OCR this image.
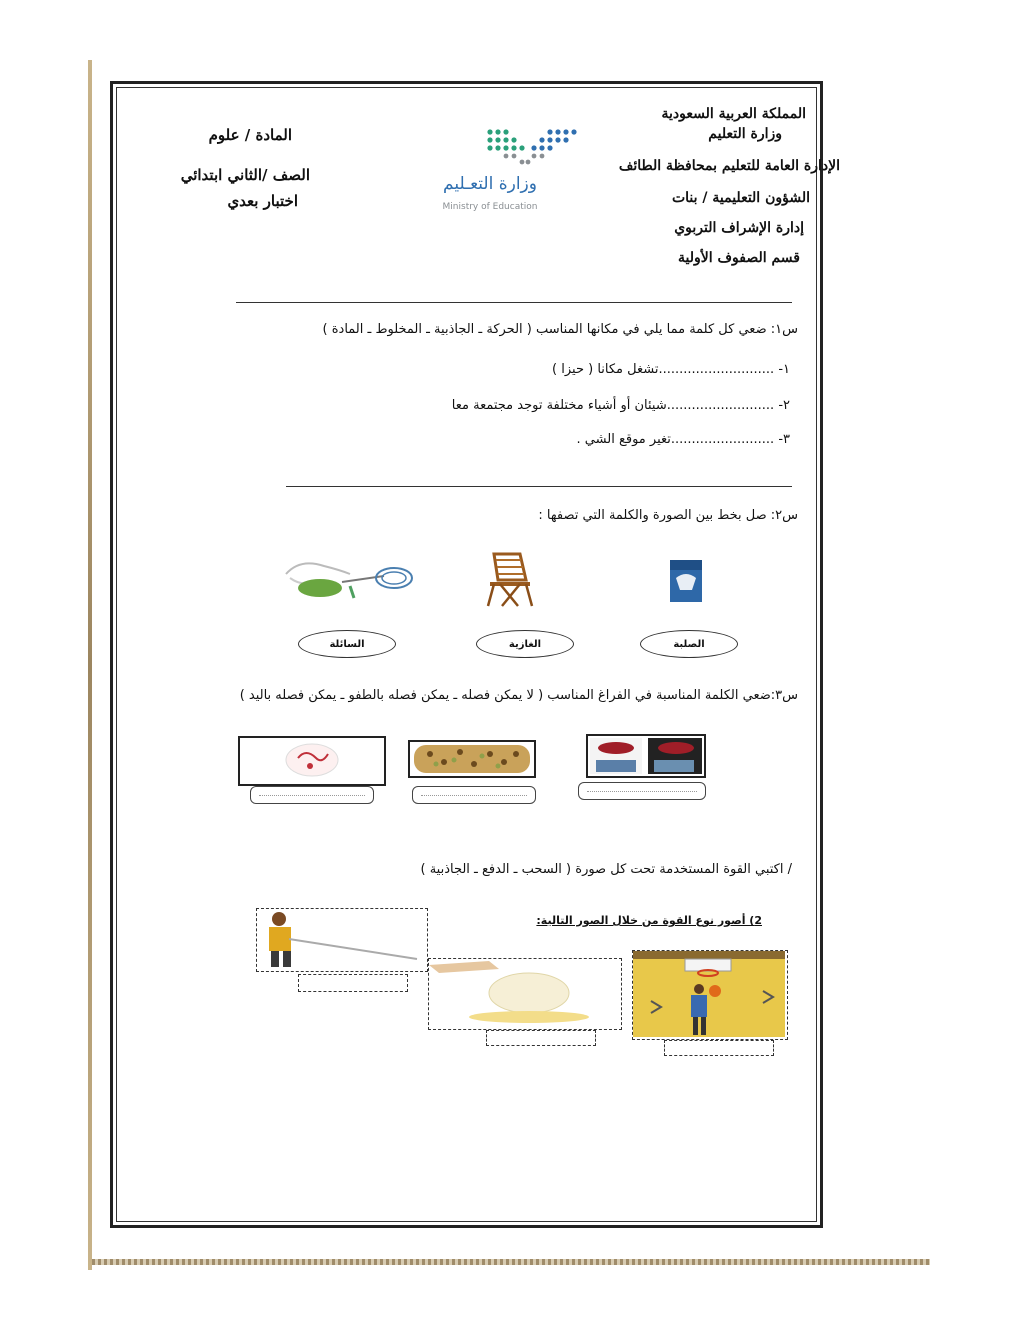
المملكة العربية السعودية
وزارة التعليم
الإدارة العامة للتعليم بمحافظة الطائف
الشؤون التعليمية / بنات
إدارة الإشراف التربوي
قسم الصفوف الأولية
المادة / علوم
الصف /الثاني ابتدائي
اختبار بعدي
وزارة التعـليم
Ministry of Education
س١: ضعي كل كلمة مما يلي في مكانها المناسب ( الحركة ـ الجاذبية ـ المخلوط ـ المادة )
١- ............................تشغل مكانا ( حيزا )
٢- ..........................شيئان أو أشياء مختلفة توجد مجتمعة معا
٣- .........................تغير موقع الشي .
س٢: صل بخط بين الصورة والكلمة التي تصفها :
السائلة	الغازية	الصلبة
س٣:ضعي الكلمة المناسبة في الفراغ المناسب ( لا يمكن فصله ـ يمكن فصله بالطفو ـ يمكن فصله باليد )
/ اكتبي القوة المستخدمة تحت كل صورة ( السحب ـ الدفع ـ الجاذبية )
2) أصور نوع القوة من خلال الصور التالية:
